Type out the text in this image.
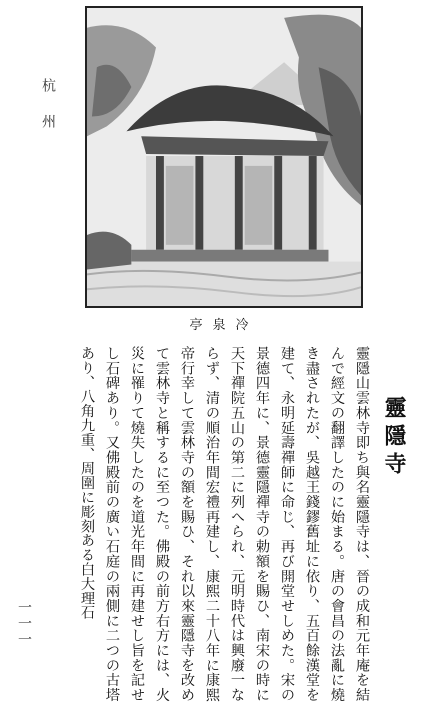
杭州
亭泉冷
靈隱寺

靈隱山雲林寺即ち與名靈隱寺は、晉の成和元年庵を結んで經文の翻譯したのに始まる。唐の會昌の法亂に燒き盡されたが、吳越王錢鏐舊址に依り、五百餘漢堂を建て、永明延壽禪師に命じ、再び開堂せしめた。宋の景德四年に、景德靈隱禪寺の勅額を賜ひ、南宋の時に天下禪院五山の第二に列へられ、元明時代は興廢一ならず、清の順治年間宏禮再建し、康熙二十八年に康熙帝行幸して雲林寺の額を賜ひ、それ以來靈隱寺を改めて雲林寺と稱するに至つた。佛殿の前方右方には、火災に罹りて燒失したのを道光年間に再建せし旨を記せし石碑あり。又佛殿前の廣い石庭の兩側に二つの古塔あり、八角九重、周圍に彫刻ある白大理石

一一一
